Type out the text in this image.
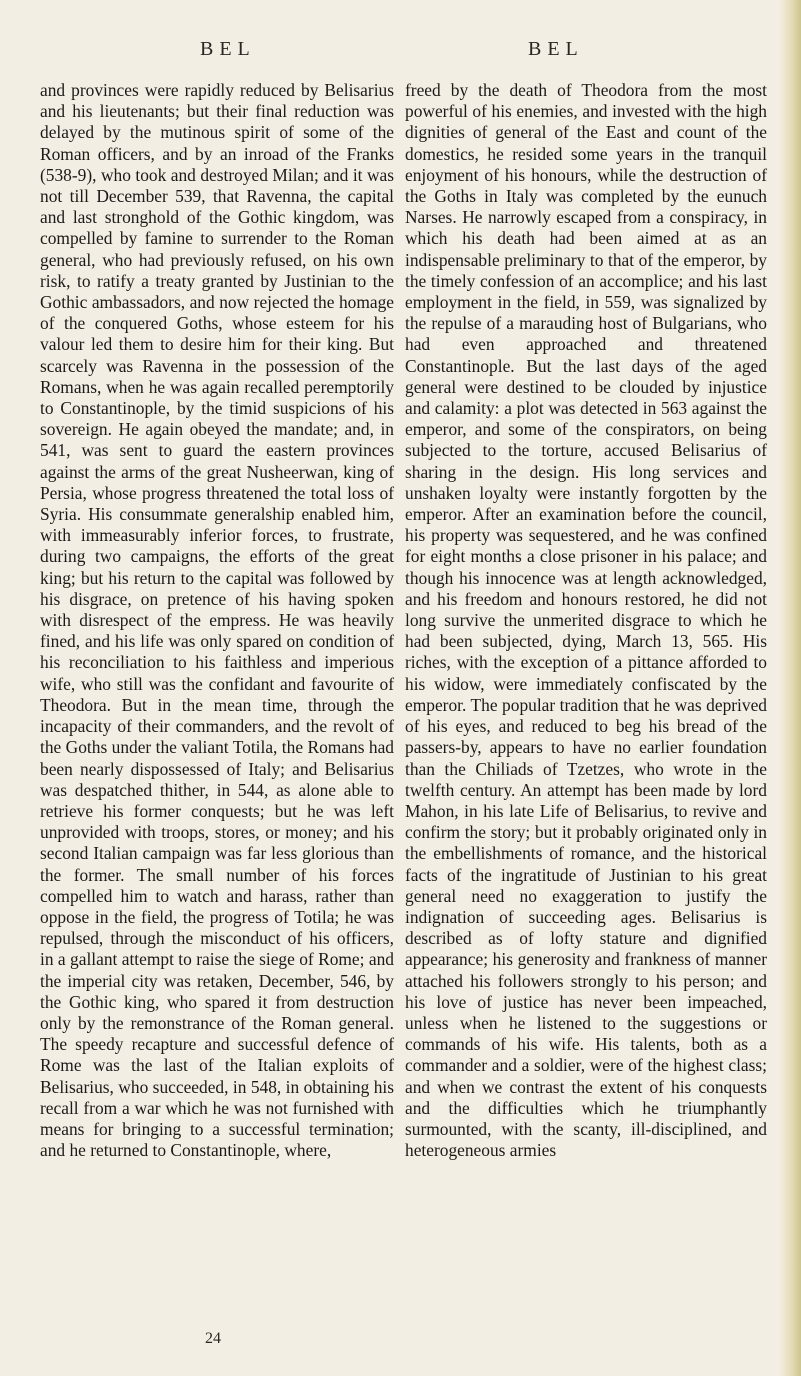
BEL	BEL

and provinces were rapidly reduced by Belisarius and his lieutenants; but their final reduction was delayed by the mutinous spirit of some of the Roman officers, and by an inroad of the Franks (538-9), who took and destroyed Milan; and it was not till December 539, that Ravenna, the capital and last stronghold of the Gothic kingdom, was compelled by famine to surrender to the Roman general, who had previously refused, on his own risk, to ratify a treaty granted by Justinian to the Gothic ambassadors, and now rejected the homage of the conquered Goths, whose esteem for his valour led them to desire him for their king. But scarcely was Ravenna in the possession of the Romans, when he was again recalled peremptorily to Constantinople, by the timid suspicions of his sovereign. He again obeyed the mandate; and, in 541, was sent to guard the eastern provinces against the arms of the great Nusheerwan, king of Persia, whose progress threatened the total loss of Syria. His consummate generalship enabled him, with immeasurably inferior forces, to frustrate, during two campaigns, the efforts of the great king; but his return to the capital was followed by his disgrace, on pretence of his having spoken with disrespect of the empress. He was heavily fined, and his life was only spared on condition of his reconciliation to his faithless and imperious wife, who still was the confidant and favourite of Theodora. But in the mean time, through the incapacity of their commanders, and the revolt of the Goths under the valiant Totila, the Romans had been nearly dispossessed of Italy; and Belisarius was despatched thither, in 544, as alone able to retrieve his former conquests; but he was left unprovided with troops, stores, or money; and his second Italian campaign was far less glorious than the former. The small number of his forces compelled him to watch and harass, rather than oppose in the field, the progress of Totila; he was repulsed, through the misconduct of his officers, in a gallant attempt to raise the siege of Rome; and the imperial city was retaken, December, 546, by the Gothic king, who spared it from destruction only by the remonstrance of the Roman general. The speedy recapture and successful defence of Rome was the last of the Italian exploits of Belisarius, who succeeded, in 548, in obtaining his recall from a war which he was not furnished with means for bringing to a successful termination; and he returned to Constantinople, where,

freed by the death of Theodora from the most powerful of his enemies, and invested with the high dignities of general of the East and count of the domestics, he resided some years in the tranquil enjoyment of his honours, while the destruction of the Goths in Italy was completed by the eunuch Narses. He narrowly escaped from a conspiracy, in which his death had been aimed at as an indispensable preliminary to that of the emperor, by the timely confession of an accomplice; and his last employment in the field, in 559, was signalized by the repulse of a marauding host of Bulgarians, who had even approached and threatened Constantinople. But the last days of the aged general were destined to be clouded by injustice and calamity: a plot was detected in 563 against the emperor, and some of the conspirators, on being subjected to the torture, accused Belisarius of sharing in the design. His long services and unshaken loyalty were instantly forgotten by the emperor. After an examination before the council, his property was sequestered, and he was confined for eight months a close prisoner in his palace; and though his innocence was at length acknowledged, and his freedom and honours restored, he did not long survive the unmerited disgrace to which he had been subjected, dying, March 13, 565. His riches, with the exception of a pittance afforded to his widow, were immediately confiscated by the emperor. The popular tradition that he was deprived of his eyes, and reduced to beg his bread of the passers-by, appears to have no earlier foundation than the Chiliads of Tzetzes, who wrote in the twelfth century. An attempt has been made by lord Mahon, in his late Life of Belisarius, to revive and confirm the story; but it probably originated only in the embellishments of romance, and the historical facts of the ingratitude of Justinian to his great general need no exaggeration to justify the indignation of succeeding ages. Belisarius is described as of lofty stature and dignified appearance; his generosity and frankness of manner attached his followers strongly to his person; and his love of justice has never been impeached, unless when he listened to the suggestions or commands of his wife. His talents, both as a commander and a soldier, were of the highest class; and when we contrast the extent of his conquests and the difficulties which he triumphantly surmounted, with the scanty, ill-disciplined, and heterogeneous armies

24
